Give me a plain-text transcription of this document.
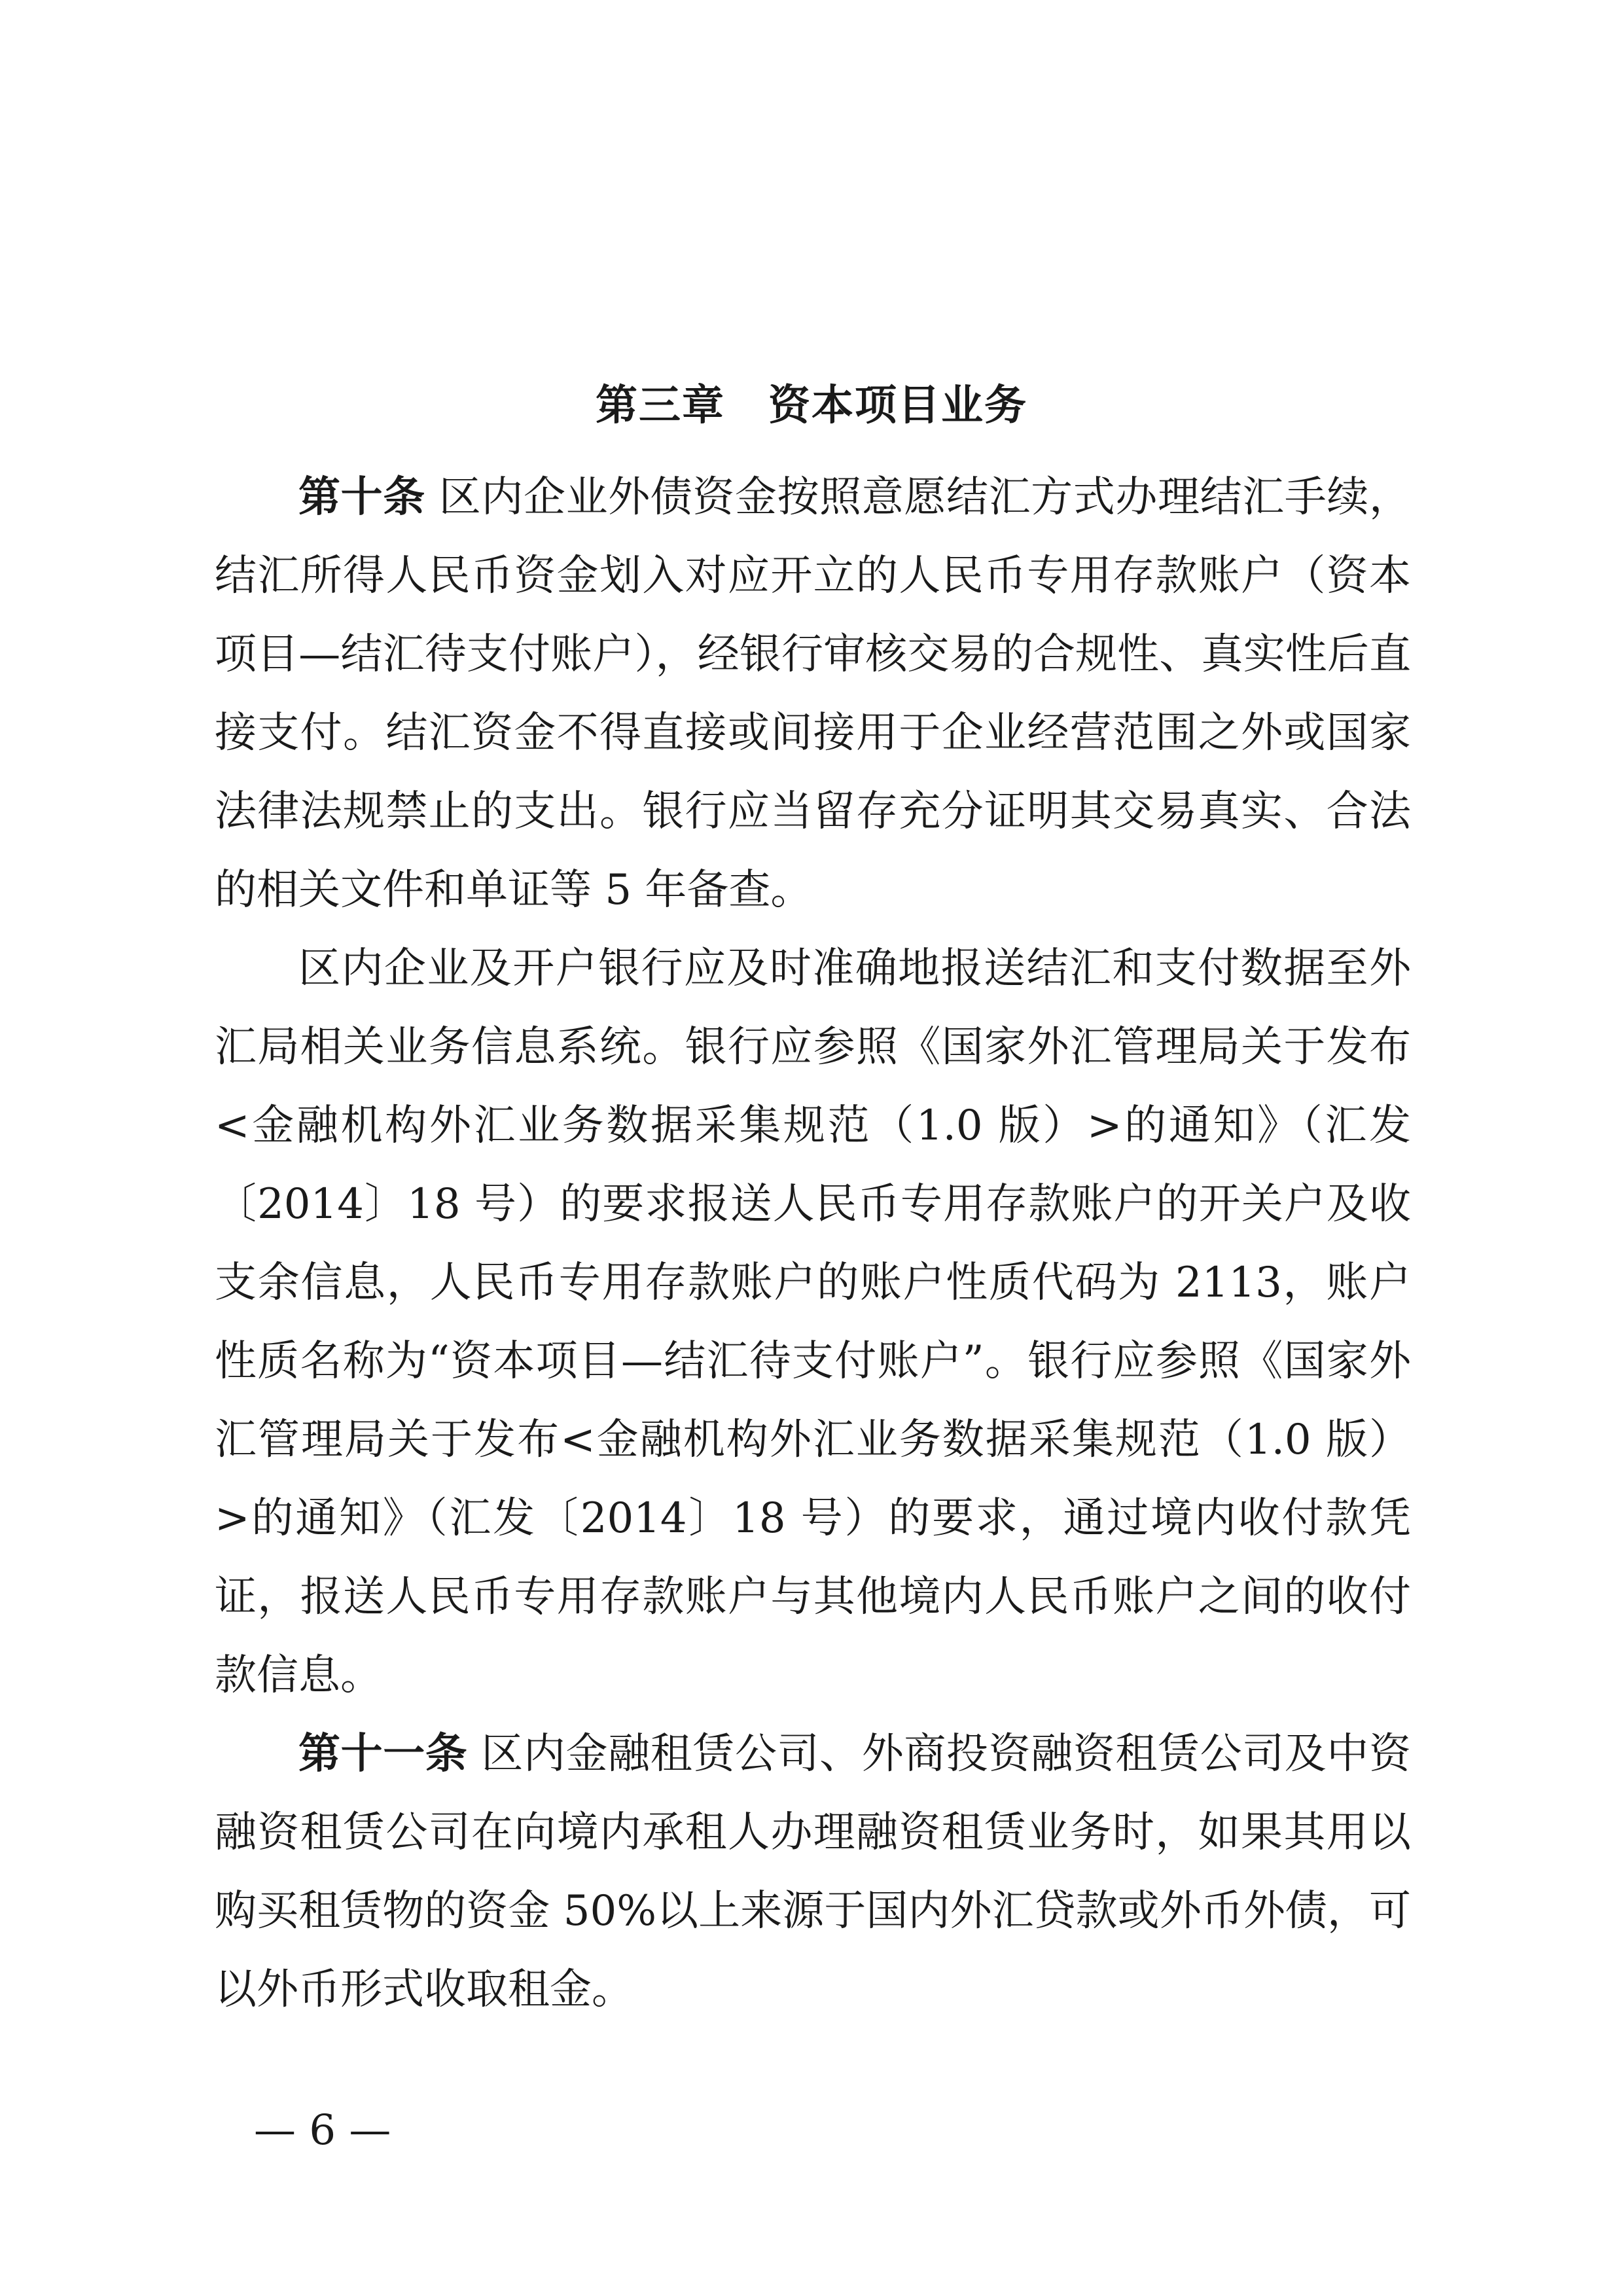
第三章　资本项目业务

第十条 区内企业外债资金按照意愿结汇方式办理结汇手续，结汇所得人民币资金划入对应开立的人民币专用存款账户（资本项目—结汇待支付账户），经银行审核交易的合规性、真实性后直接支付。结汇资金不得直接或间接用于企业经营范围之外或国家法律法规禁止的支出。银行应当留存充分证明其交易真实、合法的相关文件和单证等 5 年备查。

区内企业及开户银行应及时准确地报送结汇和支付数据至外汇局相关业务信息系统。银行应参照《国家外汇管理局关于发布<金融机构外汇业务数据采集规范（1.0 版）>的通知》（汇发〔2014〕18 号）的要求报送人民币专用存款账户的开关户及收支余信息，人民币专用存款账户的账户性质代码为 2113，账户性质名称为“资本项目—结汇待支付账户”。银行应参照《国家外汇管理局关于发布<金融机构外汇业务数据采集规范（1.0 版）>的通知》（汇发〔2014〕18 号）的要求，通过境内收付款凭证，报送人民币专用存款账户与其他境内人民币账户之间的收付款信息。

第十一条 区内金融租赁公司、外商投资融资租赁公司及中资融资租赁公司在向境内承租人办理融资租赁业务时，如果其用以购买租赁物的资金 50%以上来源于国内外汇贷款或外币外债，可以外币形式收取租金。

— 6 —
